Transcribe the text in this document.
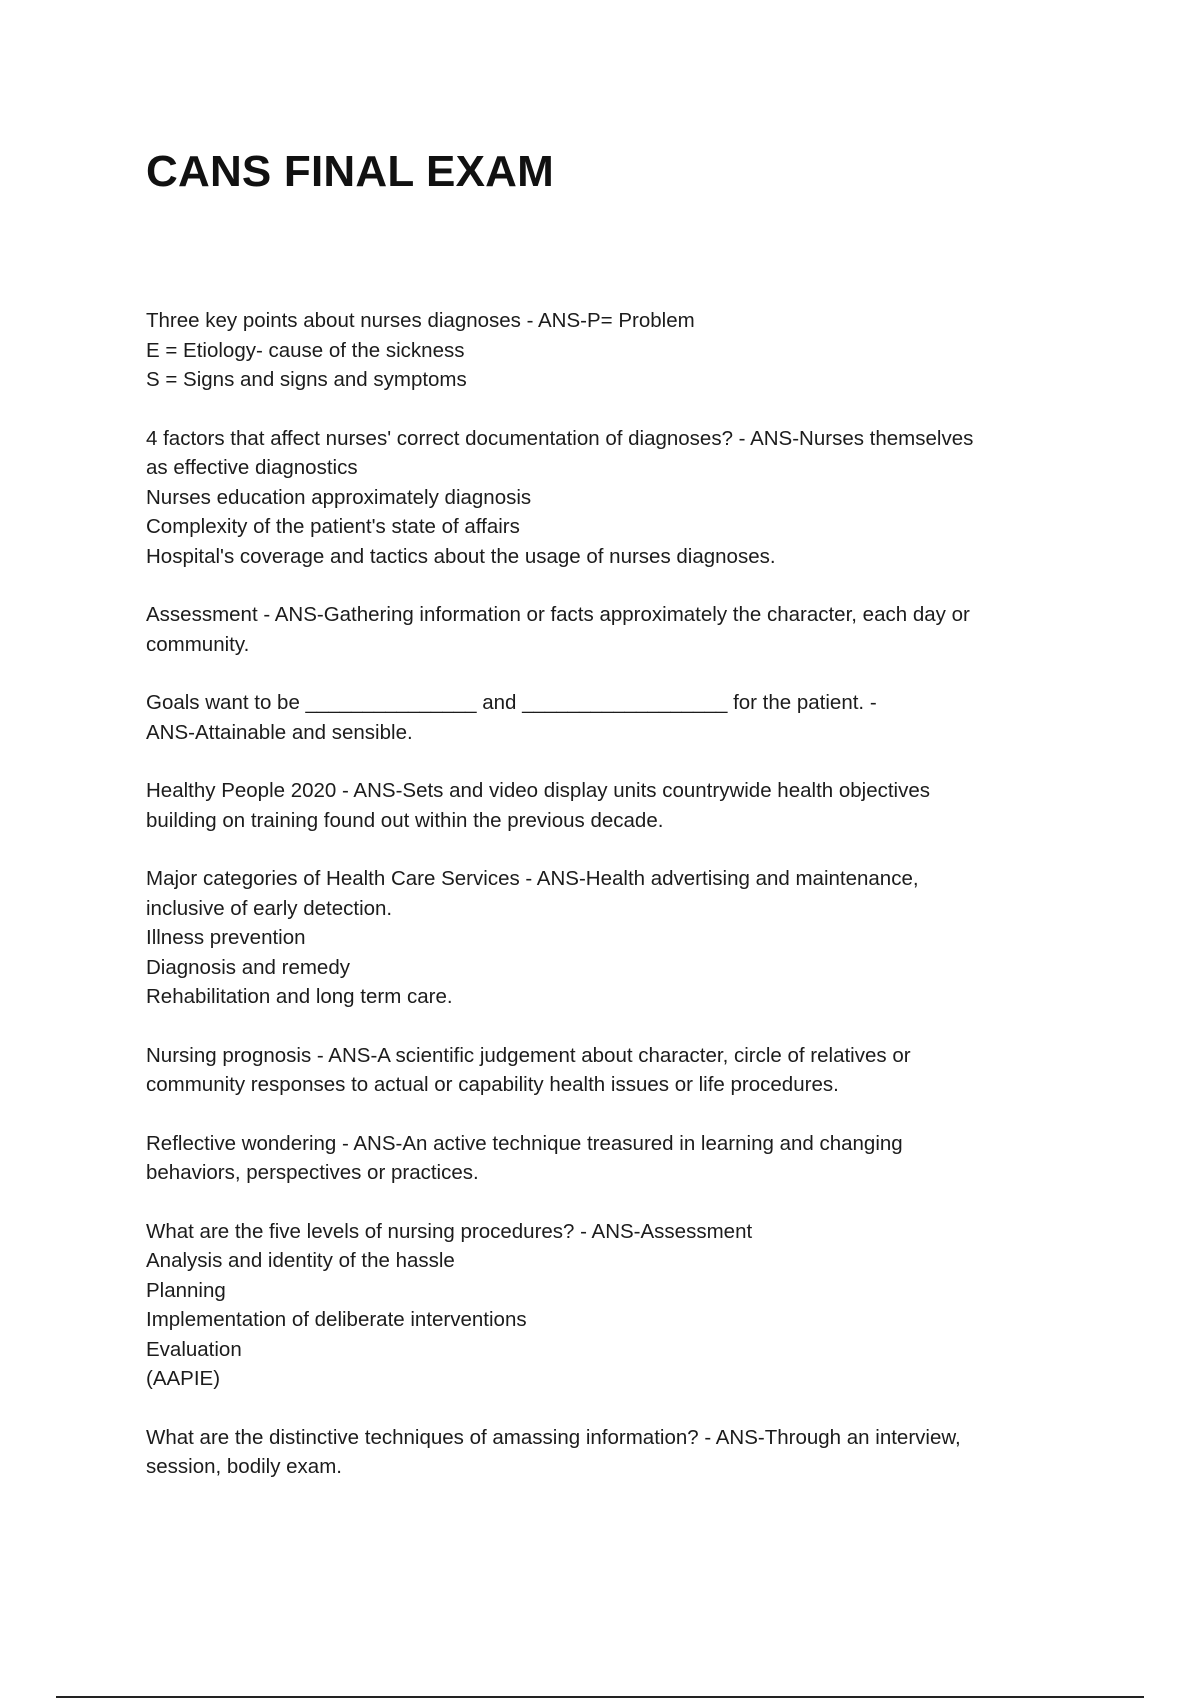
CANS FINAL EXAM
Three key points about nurses diagnoses - ANS-P= Problem
E = Etiology- cause of the sickness
S = Signs and signs and symptoms
4 factors that affect nurses' correct documentation of diagnoses? - ANS-Nurses themselves
as effective diagnostics
Nurses education approximately diagnosis
Complexity of the patient's state of affairs
Hospital's coverage and tactics about the usage of nurses diagnoses.
Assessment - ANS-Gathering information or facts approximately the character, each day or
community.
Goals want to be _______________ and __________________ for the patient. -
ANS-Attainable and sensible.
Healthy People 2020 - ANS-Sets and video display units countrywide health objectives
building on training found out within the previous decade.
Major categories of Health Care Services - ANS-Health advertising and maintenance,
inclusive of early detection.
Illness prevention
Diagnosis and remedy
Rehabilitation and long term care.
Nursing prognosis - ANS-A scientific judgement about character, circle of relatives or
community responses to actual or capability health issues or life procedures.
Reflective wondering - ANS-An active technique treasured in learning and changing
behaviors, perspectives or practices.
What are the five levels of nursing procedures? - ANS-Assessment
Analysis and identity of the hassle
Planning
Implementation of deliberate interventions
Evaluation
(AAPIE)
What are the distinctive techniques of amassing information? - ANS-Through an interview,
session, bodily exam.
